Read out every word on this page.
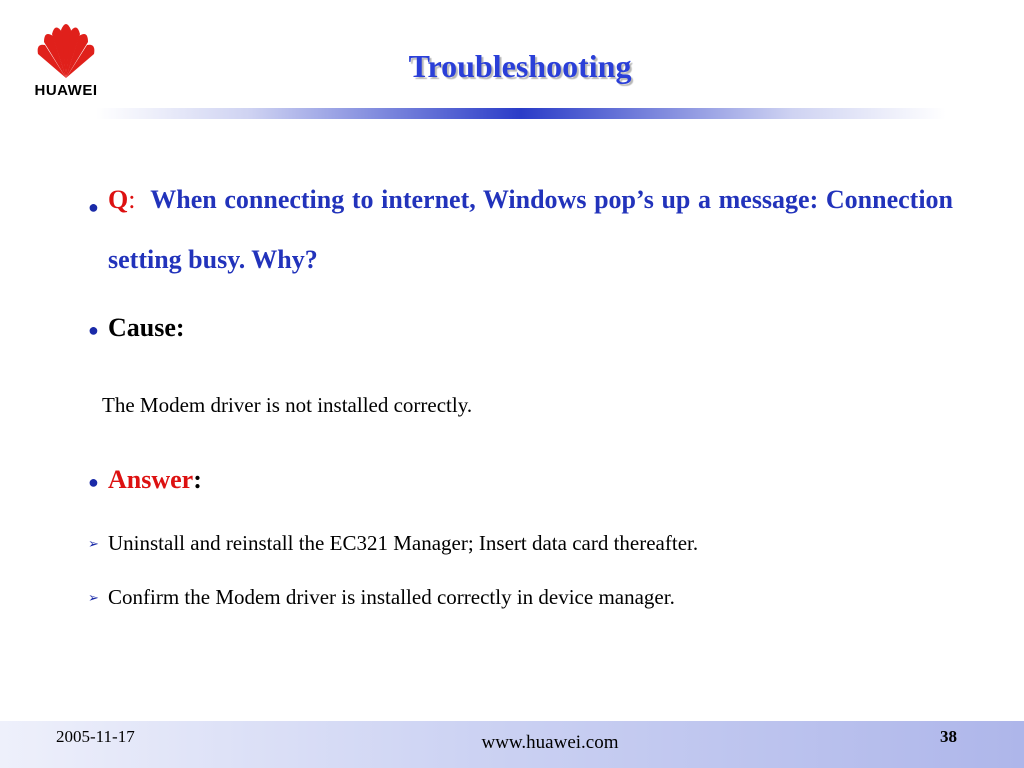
HUAWEI
Troubleshooting
● Q: When connecting to internet, Windows pop’s up a message: Connection setting busy. Why?
● Cause:
The Modem driver is not installed correctly.
● Answer:
➢ Uninstall and reinstall the EC321 Manager; Insert data card thereafter.
➢ Confirm the Modem driver is installed correctly in device manager.
2005-11-17	www.huawei.com	38
